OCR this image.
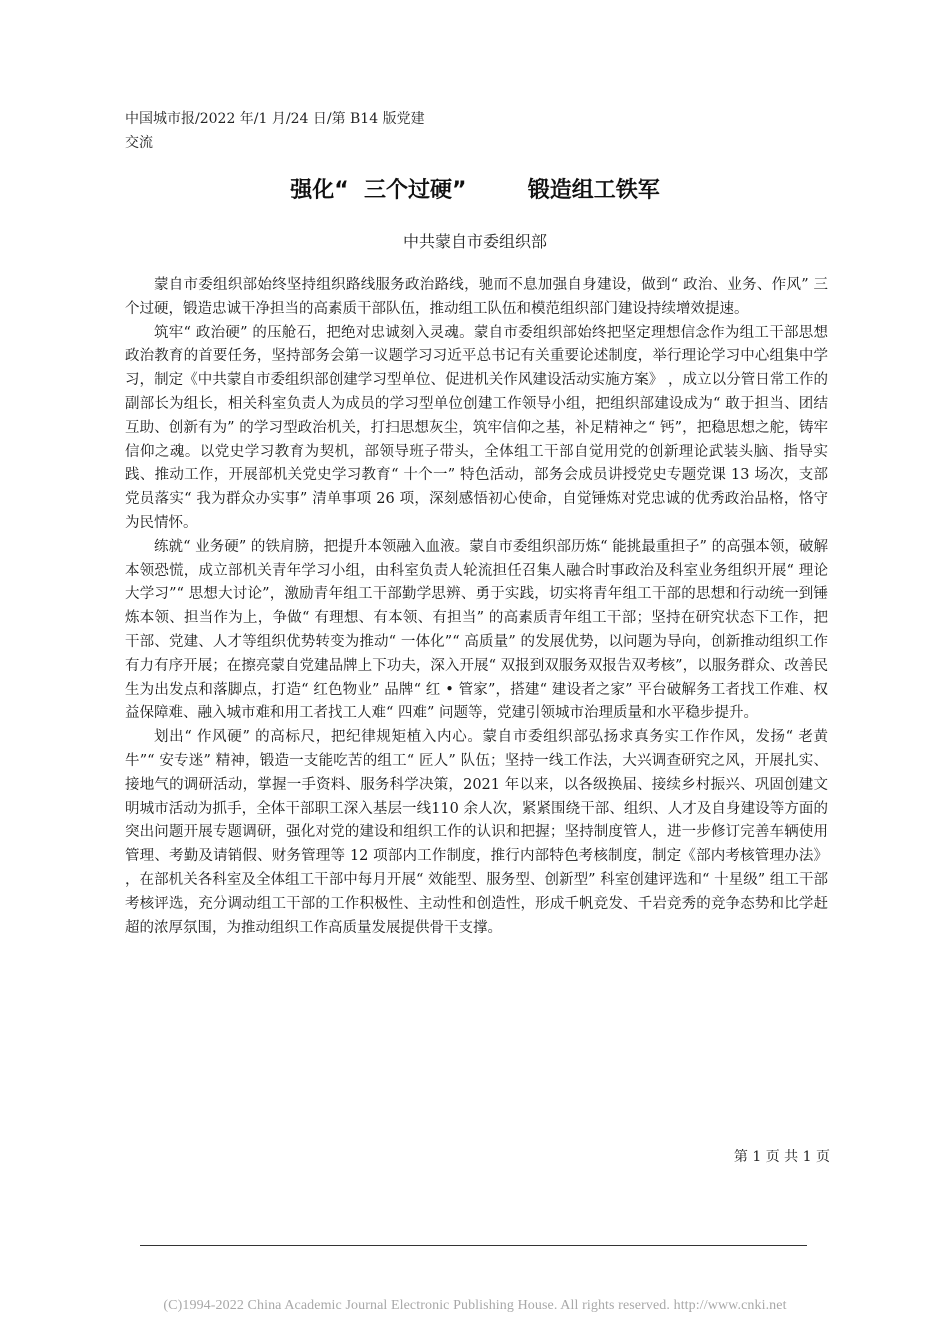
中国城市报/2022 年/1 月/24 日/第 B14 版党建交流
强化“  三个过硬”        锻造组工铁军
中共蒙自市委组织部

蒙自市委组织部始终坚持组织路线服务政治路线，驰而不息加强自身建设，做到“ 政治、业务、作风” 三个过硬，锻造忠诚干净担当的高素质干部队伍，推动组工队伍和模范组织部门建设持续增效提速。

筑牢“ 政治硬” 的压舱石，把绝对忠诚刻入灵魂。蒙自市委组织部始终把坚定理想信念作为组工干部思想政治教育的首要任务，坚持部务会第一议题学习习近平总书记有关重要论述制度，举行理论学习中心组集中学习，制定《中共蒙自市委组织部创建学习型单位、促进机关作风建设活动实施方案》 ，成立以分管日常工作的副部长为组长，相关科室负责人为成员的学习型单位创建工作领导小组，把组织部建设成为“ 敢于担当、团结互助、创新有为” 的学习型政治机关，打扫思想灰尘，筑牢信仰之基，补足精神之“ 钙”，把稳思想之舵，铸牢信仰之魂。以党史学习教育为契机，部领导班子带头，全体组工干部自觉用党的创新理论武装头脑、指导实践、推动工作，开展部机关党史学习教育“ 十个一” 特色活动，部务会成员讲授党史专题党课 13 场次，支部党员落实“ 我为群众办实事” 清单事项 26 项，深刻感悟初心使命，自觉锤炼对党忠诚的优秀政治品格，恪守为民情怀。

练就“ 业务硬” 的铁肩膀，把提升本领融入血液。蒙自市委组织部历炼“ 能挑最重担子” 的高强本领，破解本领恐慌，成立部机关青年学习小组，由科室负责人轮流担任召集人融合时事政治及科室业务组织开展“ 理论大学习”“ 思想大讨论”，激励青年组工干部勤学思辨、勇于实践，切实将青年组工干部的思想和行动统一到锤炼本领、担当作为上，争做“ 有理想、有本领、有担当” 的高素质青年组工干部；坚持在研究状态下工作，把干部、党建、人才等组织优势转变为推动“ 一体化”“ 高质量” 的发展优势，以问题为导向，创新推动组织工作有力有序开展；在擦亮蒙自党建品牌上下功夫，深入开展“ 双报到双服务双报告双考核”，以服务群众、改善民生为出发点和落脚点，打造“ 红色物业” 品牌“ 红 • 管家”，搭建“ 建设者之家” 平台破解务工者找工作难、权益保障难、融入城市难和用工者找工人难“ 四难” 问题等，党建引领城市治理质量和水平稳步提升。

划出“ 作风硬” 的高标尺，把纪律规矩植入内心。蒙自市委组织部弘扬求真务实工作作风，发扬“ 老黄牛”“ 安专迷” 精神，锻造一支能吃苦的组工“ 匠人” 队伍；坚持一线工作法，大兴调查研究之风，开展扎实、接地气的调研活动，掌握一手资料、服务科学决策，2021 年以来，以各级换届、接续乡村振兴、巩固创建文明城市活动为抓手，全体干部职工深入基层一线110 余人次，紧紧围绕干部、组织、人才及自身建设等方面的突出问题开展专题调研，强化对党的建设和组织工作的认识和把握；坚持制度管人，进一步修订完善车辆使用管理、考勤及请销假、财务管理等 12 项部内工作制度，推行内部特色考核制度，制定《部内考核管理办法》 ，在部机关各科室及全体组工干部中每月开展“ 效能型、服务型、创新型” 科室创建评选和“ 十星级” 组工干部考核评选，充分调动组工干部的工作积极性、主动性和创造性，形成千帆竞发、千岩竞秀的竞争态势和比学赶超的浓厚氛围，为推动组织工作高质量发展提供骨干支撑。

第 1 页 共 1 页
(C)1994-2022 China Academic Journal Electronic Publishing House. All rights reserved. http://www.cnki.net
